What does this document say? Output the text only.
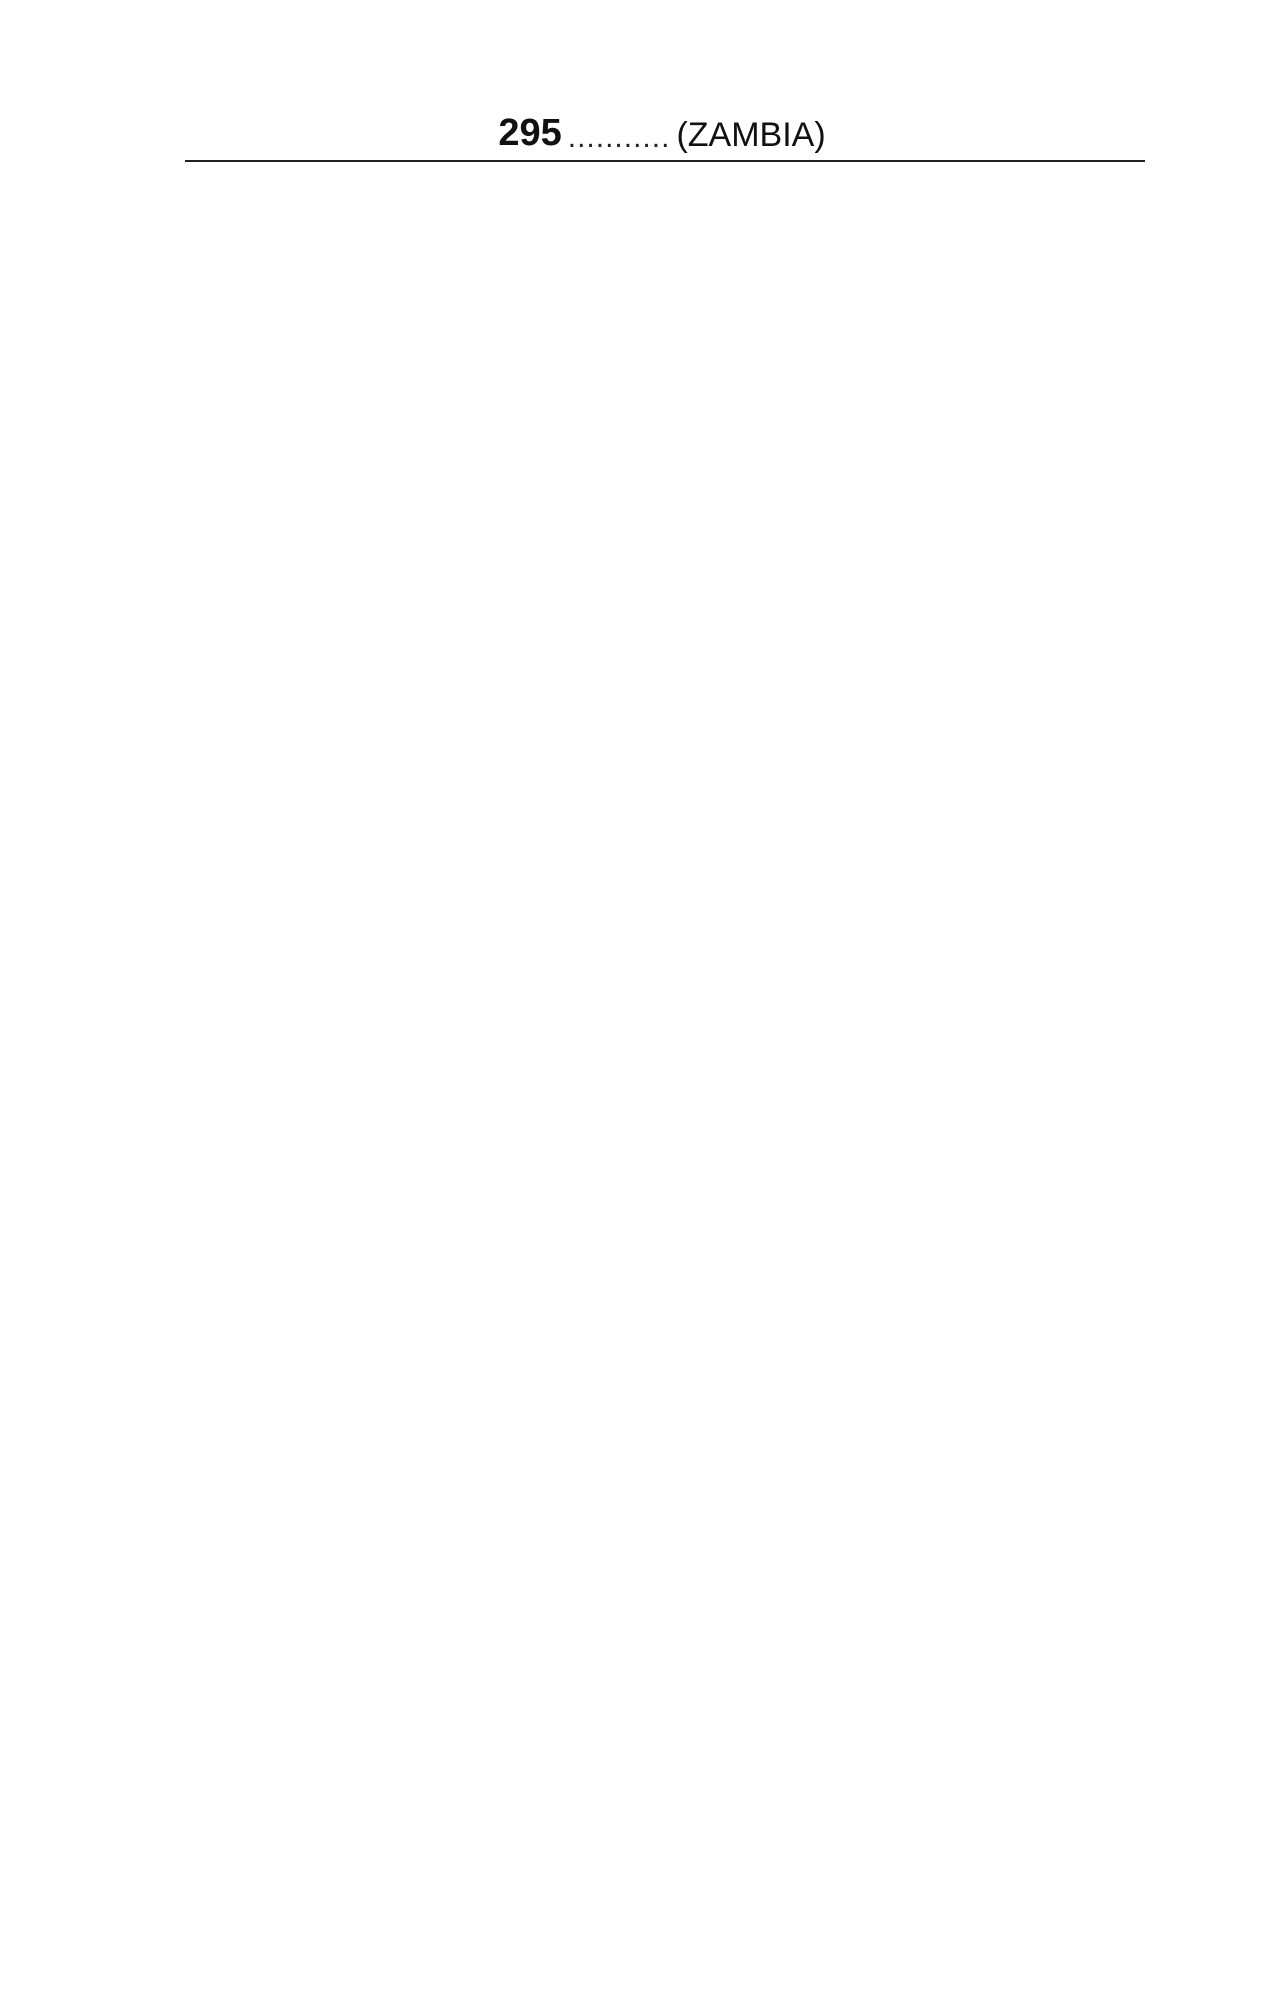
295 ........... (ZAMBIA)
